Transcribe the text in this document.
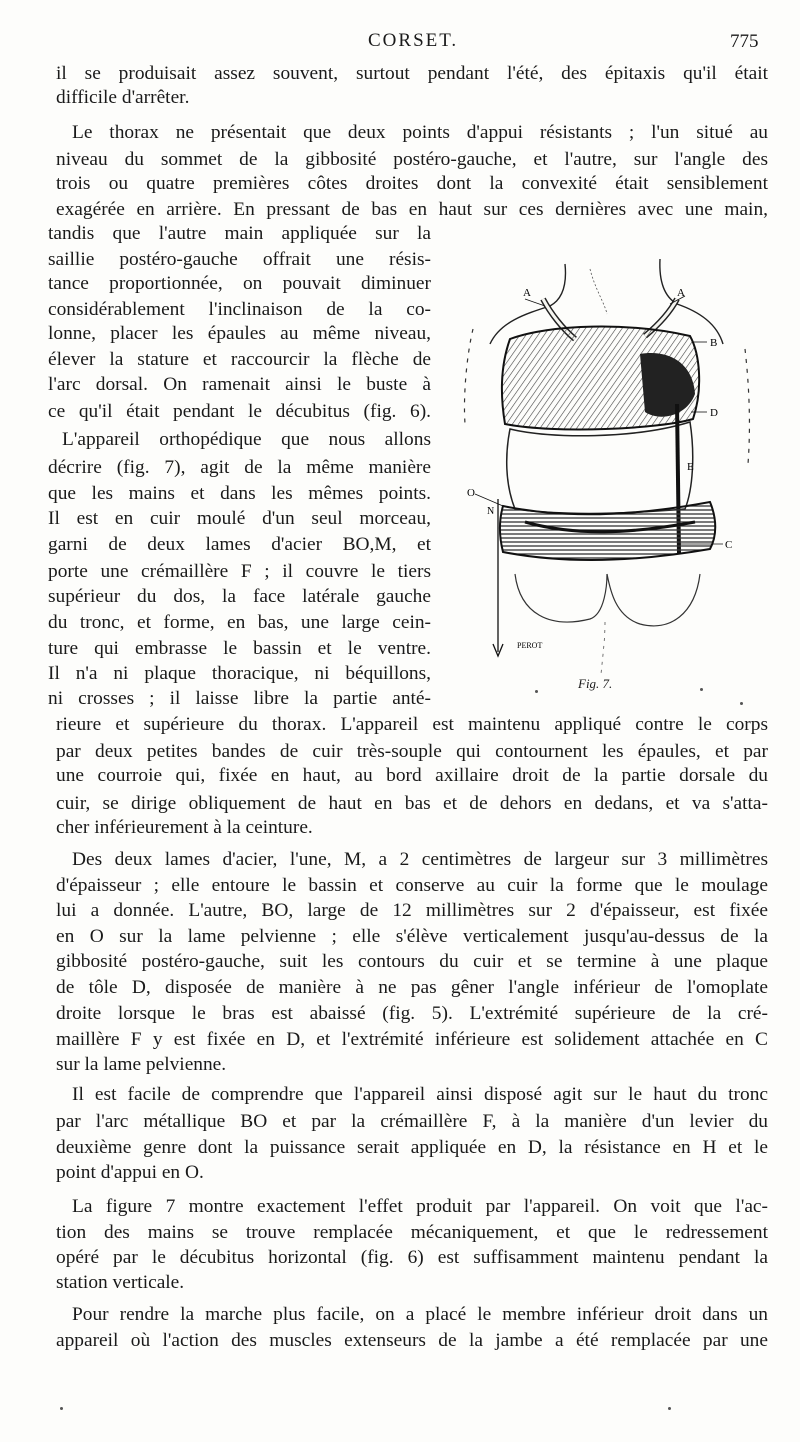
CORSET.	775
il se produisait assez souvent, surtout pendant l'été, des épitaxis qu'il était
difficile d'arrêter.
Le thorax ne présentait que deux points d'appui résistants ; l'un situé au
niveau du sommet de la gibbosité postéro-gauche, et l'autre, sur l'angle des
trois ou quatre premières côtes droites dont la convexité était sensiblement
exagérée en arrière. En pressant de bas en haut sur ces dernières avec une main,
tandis que l'autre main appliquée sur la
saillie postéro-gauche offrait une résis-
tance proportionnée, on pouvait diminuer
considérablement l'inclinaison de la co-
lonne, placer les épaules au même niveau,
élever la stature et raccourcir la flèche de
l'arc dorsal. On ramenait ainsi le buste à
ce qu'il était pendant le décubitus (fig. 6).
L'appareil orthopédique que nous allons
décrire (fig. 7), agit de la même manière
que les mains et dans les mêmes points.
Il est en cuir moulé d'un seul morceau,
garni de deux lames d'acier BO,M, et
porte une crémaillère F ; il couvre le tiers
supérieur du dos, la face latérale gauche
du tronc, et forme, en bas, une large cein-
ture qui embrasse le bassin et le ventre.
Il n'a ni plaque thoracique, ni béquillons,
ni crosses ; il laisse libre la partie anté-
rieure et supérieure du thorax. L'appareil est maintenu appliqué contre le corps
par deux petites bandes de cuir très-souple qui contournent les épaules, et par
une courroie qui, fixée en haut, au bord axillaire droit de la partie dorsale du
cuir, se dirige obliquement de haut en bas et de dehors en dedans, et va s'atta-
cher inférieurement à la ceinture.
Des deux lames d'acier, l'une, M, a 2 centimètres de largeur sur 3 millimètres
d'épaisseur ; elle entoure le bassin et conserve au cuir la forme que le moulage
lui a donnée. L'autre, BO, large de 12 millimètres sur 2 d'épaisseur, est fixée
en O sur la lame pelvienne ; elle s'élève verticalement jusqu'au-dessus de la
gibbosité postéro-gauche, suit les contours du cuir et se termine à une plaque
de tôle D, disposée de manière à ne pas gêner l'angle inférieur de l'omoplate
droite lorsque le bras est abaissé (fig. 5). L'extrémité supérieure de la cré-
maillère F y est fixée en D, et l'extrémité inférieure est solidement attachée en C
sur la lame pelvienne.
Il est facile de comprendre que l'appareil ainsi disposé agit sur le haut du tronc
par l'arc métallique BO et par la crémaillère F, à la manière d'un levier du
deuxième genre dont la puissance serait appliquée en D, la résistance en H et le
point d'appui en O.
La figure 7 montre exactement l'effet produit par l'appareil. On voit que l'ac-
tion des mains se trouve remplacée mécaniquement, et que le redressement
opéré par le décubitus horizontal (fig. 6) est suffisamment maintenu pendant la
station verticale.
Pour rendre la marche plus facile, on a placé le membre inférieur droit dans un
appareil où l'action des muscles extenseurs de la jambe a été remplacée par une
A	A
B
D
E
O
N
C
PEROT
Fig. 7.
